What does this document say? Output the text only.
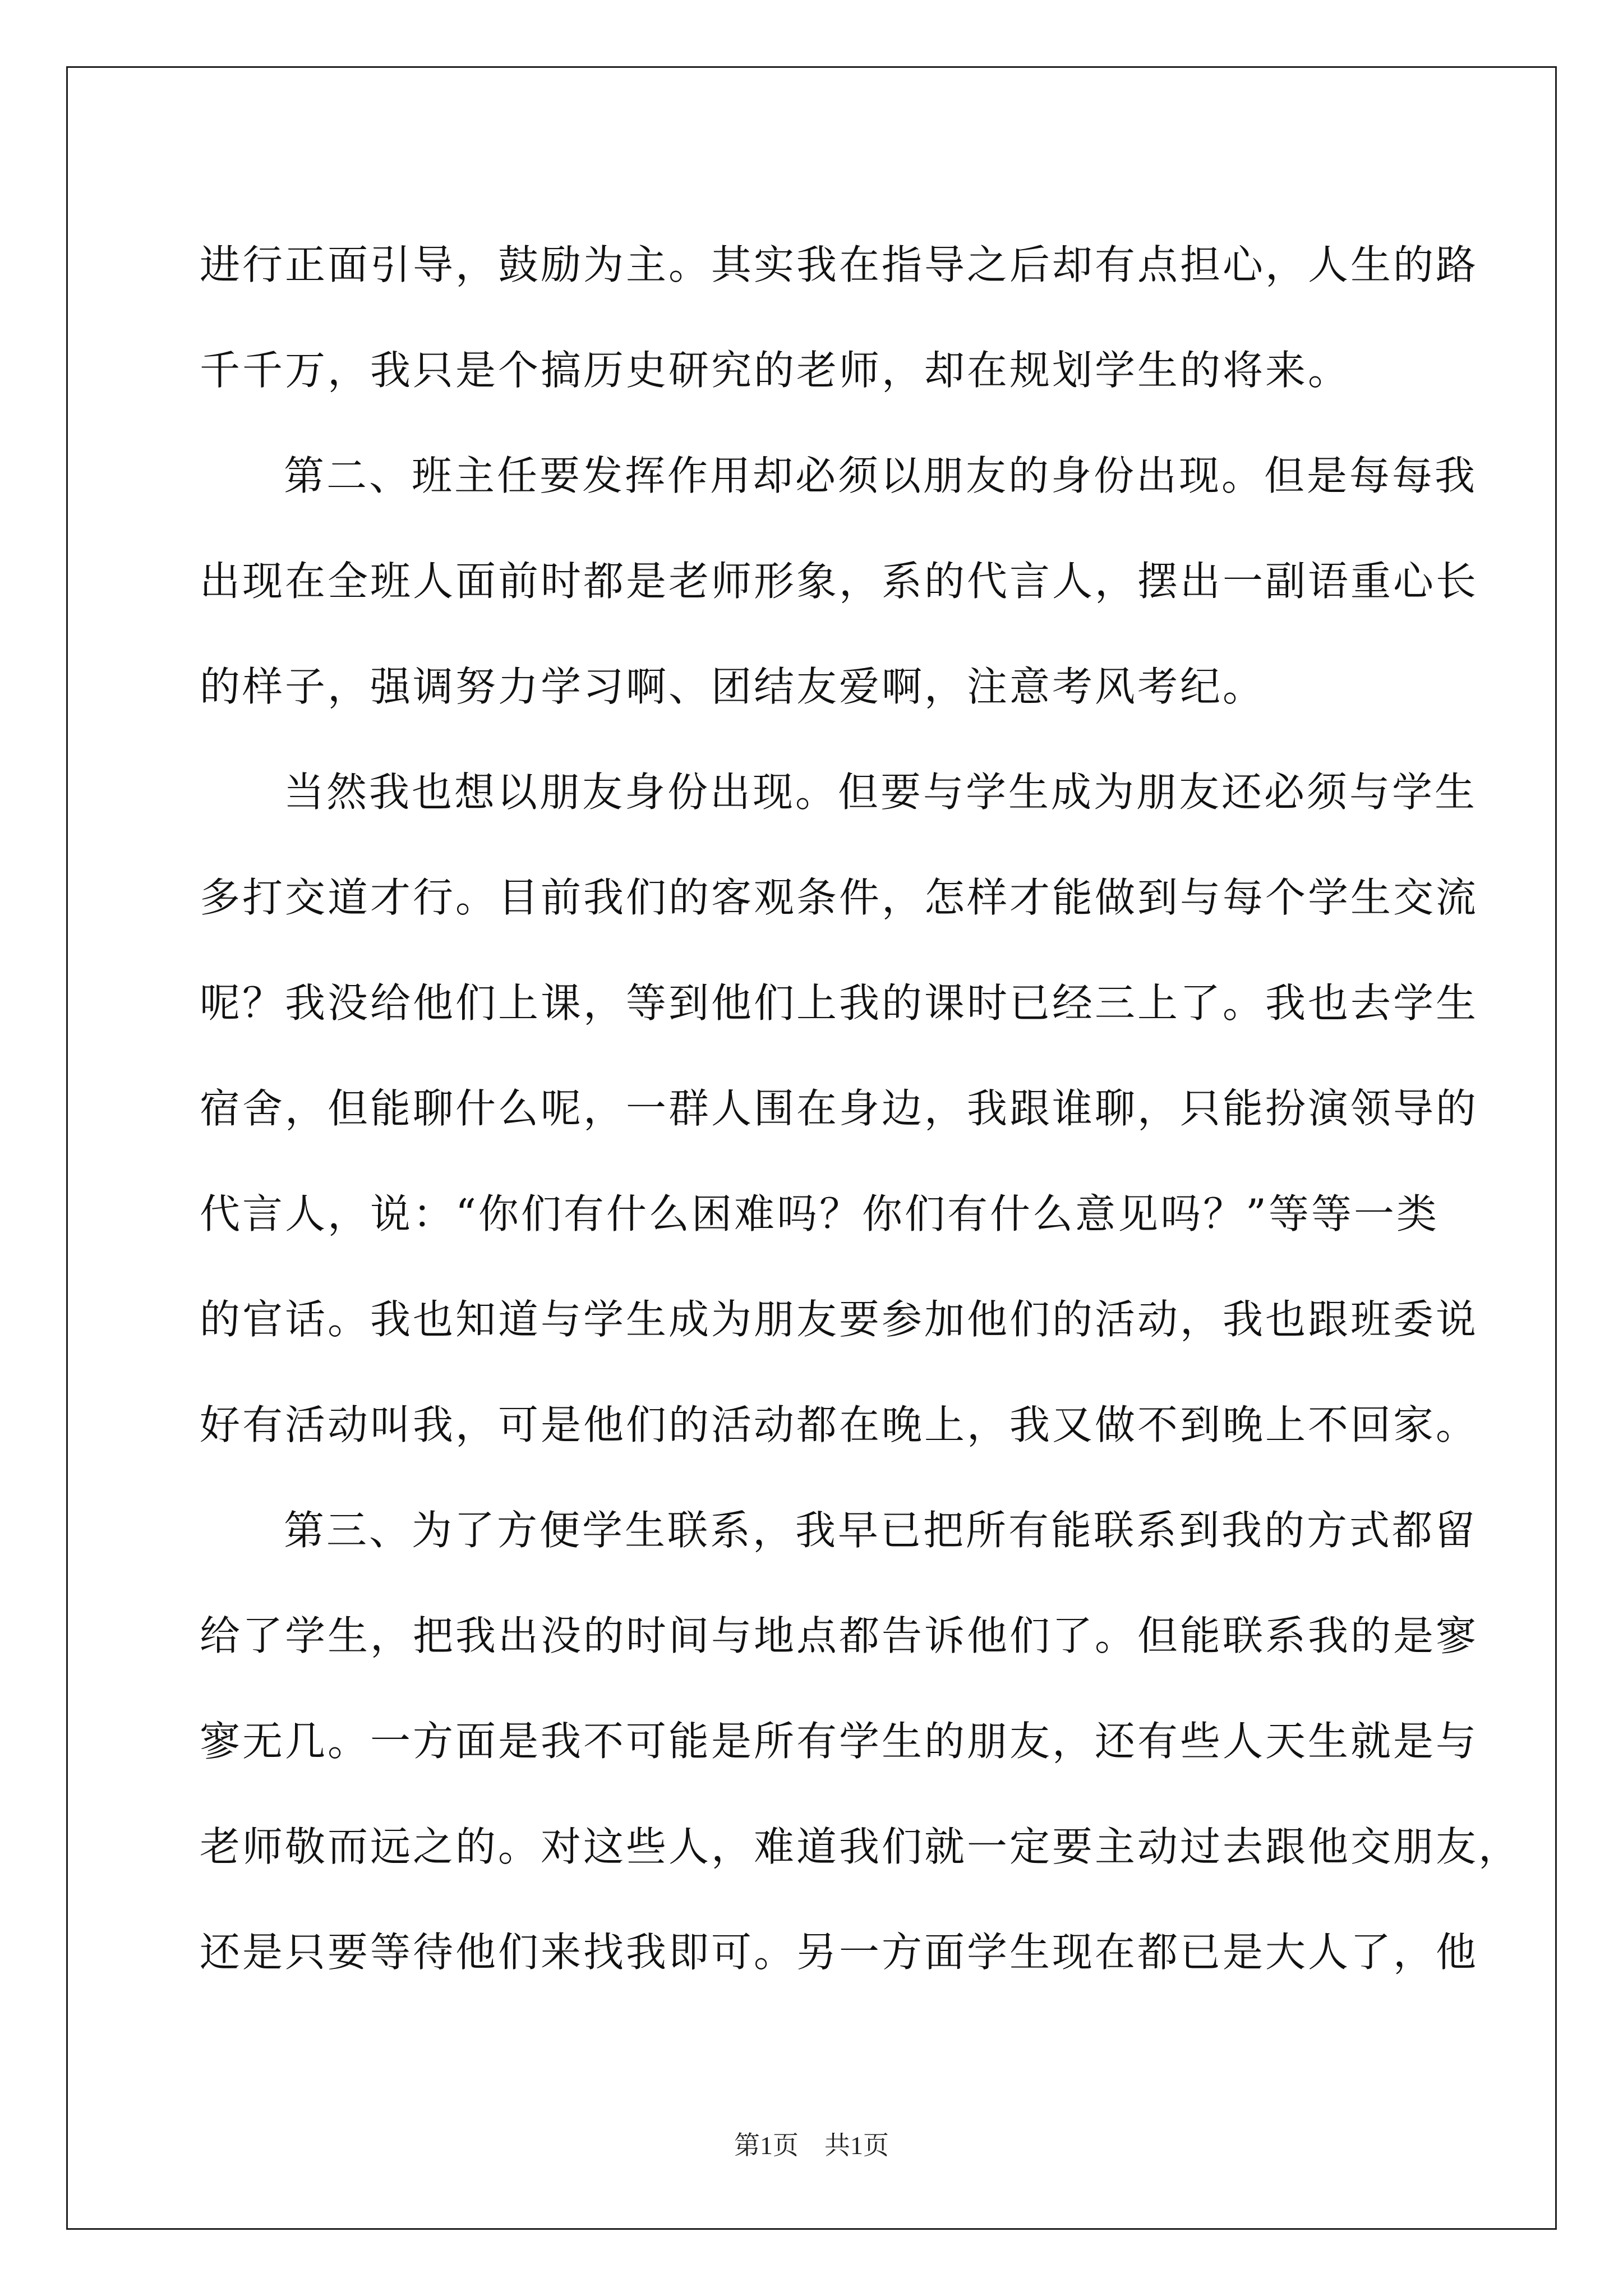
进行正面引导，鼓励为主。其实我在指导之后却有点担心，人生的路
千千万，我只是个搞历史研究的老师，却在规划学生的将来。
第二、班主任要发挥作用却必须以朋友的身份出现。但是每每我
出现在全班人面前时都是老师形象，系的代言人，摆出一副语重心长
的样子，强调努力学习啊、团结友爱啊，注意考风考纪。
当然我也想以朋友身份出现。但要与学生成为朋友还必须与学生
多打交道才行。目前我们的客观条件，怎样才能做到与每个学生交流
呢？我没给他们上课，等到他们上我的课时已经三上了。我也去学生
宿舍，但能聊什么呢，一群人围在身边，我跟谁聊，只能扮演领导的
代言人，说：“你们有什么困难吗？你们有什么意见吗？”等等一类
的官话。我也知道与学生成为朋友要参加他们的活动，我也跟班委说
好有活动叫我，可是他们的活动都在晚上，我又做不到晚上不回家。
第三、为了方便学生联系，我早已把所有能联系到我的方式都留
给了学生，把我出没的时间与地点都告诉他们了。但能联系我的是寥
寥无几。一方面是我不可能是所有学生的朋友，还有些人天生就是与
老师敬而远之的。对这些人，难道我们就一定要主动过去跟他交朋友，
还是只要等待他们来找我即可。另一方面学生现在都已是大人了，他
第1页　共1页
